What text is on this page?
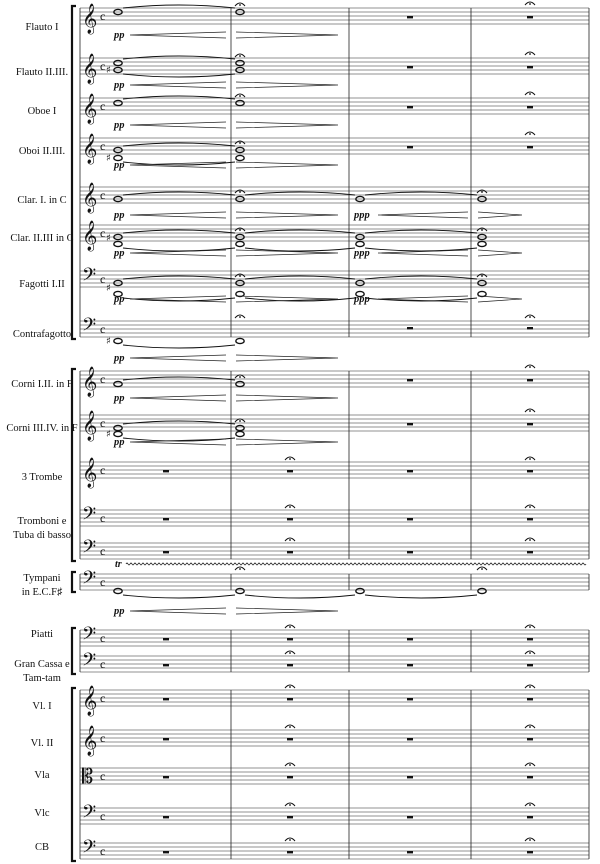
Flauto I
Flauto II.III.
Oboe I
Oboi II.III.
Clar. I. in C
Clar. II.III in C
Fagotti I.II
Contrafagotto
Corni I.II. in F
Corni III.IV. in F
3 Trombe
Tromboni e
Tuba di basso
Tympani
in E.C.F♯
Piatti
Gran Cassa e
Tam-tam
Vl. I
Vl. II
Vla
Vlc
CB
𝄞 c
𝄞 c
𝄞 c
𝄞 c
𝄞 c
𝄞 c
𝄢 c
𝄢 c
𝄞 c
𝄞 c
𝄞 c
𝄢 c
𝄢 c
𝄢 c
𝄢 c
𝄢 c
𝄞 c
𝄞 c
𝄡 c
𝄢 c
𝄢 c
♯
♯
♯
♯
♯
♯
pp
pp
pp
pp
pp
pp
pp	ppp
pp	ppp
pp	ppp
pp
tr
pp
